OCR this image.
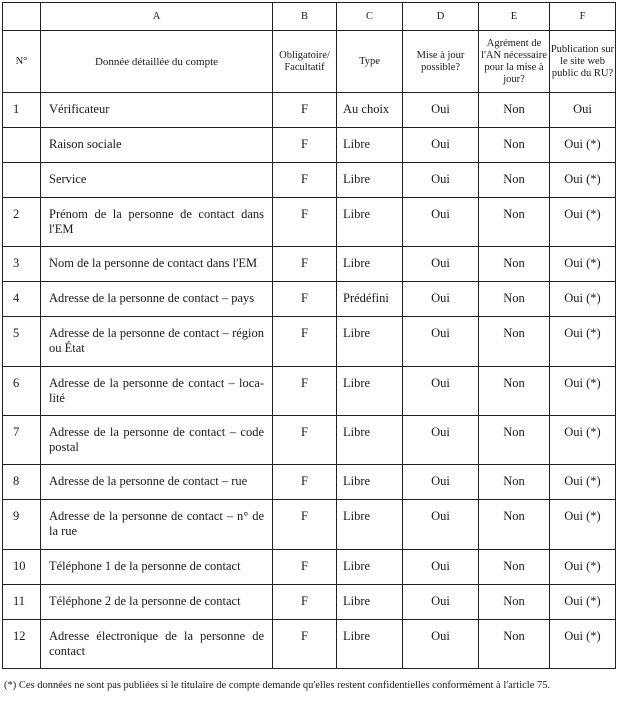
	A	B	C	D	E	F
N°	Donnée détaillée du compte	Obligatoire/ Facultatif	Type	Mise à jour possible?	Agrément de l'AN nécessaire pour la mise à jour?	Publication sur le site web public du RU?
1	Vérificateur	F	Au choix	Oui	Non	Oui
	Raison sociale	F	Libre	Oui	Non	Oui (*)
	Service	F	Libre	Oui	Non	Oui (*)
2	Prénom de la personne de contact dans l'EM	F	Libre	Oui	Non	Oui (*)
3	Nom de la personne de contact dans l'EM	F	Libre	Oui	Non	Oui (*)
4	Adresse de la personne de contact – pays	F	Prédéfini	Oui	Non	Oui (*)
5	Adresse de la personne de contact – région ou État	F	Libre	Oui	Non	Oui (*)
6	Adresse de la personne de contact – loca-lité	F	Libre	Oui	Non	Oui (*)
7	Adresse de la personne de contact – code postal	F	Libre	Oui	Non	Oui (*)
8	Adresse de la personne de contact – rue	F	Libre	Oui	Non	Oui (*)
9	Adresse de la personne de contact – n° de la rue	F	Libre	Oui	Non	Oui (*)
10	Téléphone 1 de la personne de contact	F	Libre	Oui	Non	Oui (*)
11	Téléphone 2 de la personne de contact	F	Libre	Oui	Non	Oui (*)
12	Adresse électronique de la personne de contact	F	Libre	Oui	Non	Oui (*)
(*) Ces données ne sont pas publiées si le titulaire de compte demande qu'elles restent confidentielles conformément à l'article 75.
